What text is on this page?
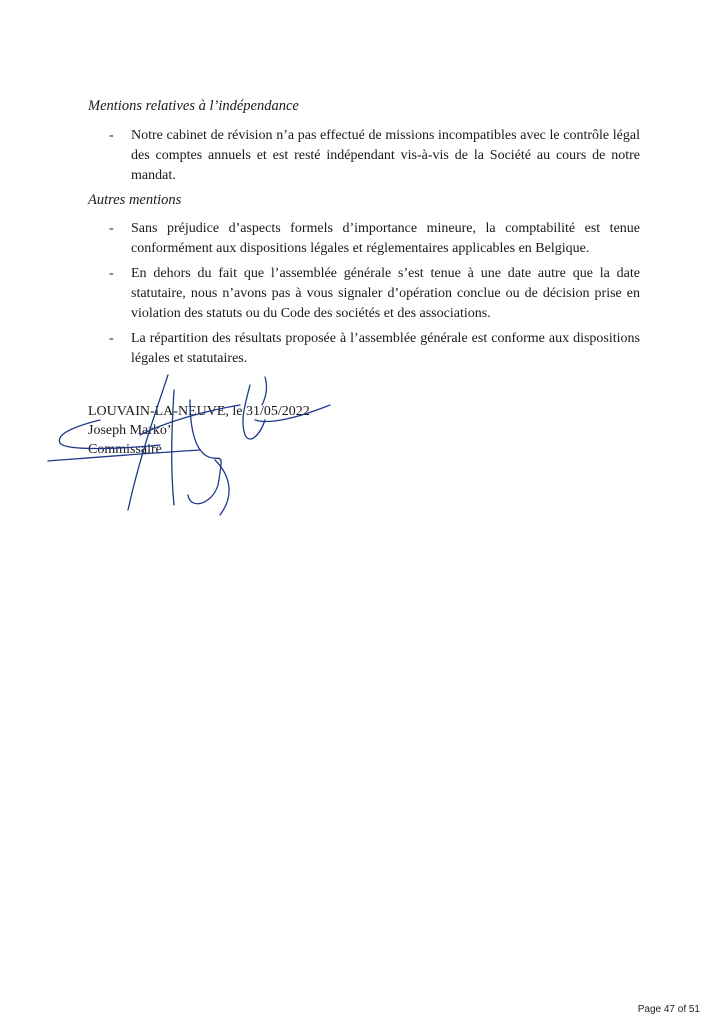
Mentions relatives à l’indépendance

-	Notre cabinet de révision n’a pas effectué de missions incompatibles avec le contrôle légal des comptes annuels et est resté indépendant vis-à-vis de la Société au cours de notre mandat.

Autres mentions

-	Sans préjudice d’aspects formels d’importance mineure, la comptabilité est tenue conformément aux dispositions légales et réglementaires applicables en Belgique.
-	En dehors du fait que l’assemblée générale s’est tenue à une date autre que la date statutaire, nous n’avons pas à vous signaler d’opération conclue ou de décision prise en violation des statuts ou du Code des sociétés et des associations.
-	La répartition des résultats proposée à l’assemblée générale est conforme aux dispositions légales et statutaires.
LOUVAIN-LA-NEUVE, le 31/05/2022
Joseph Marko’
Commissaire
Page 47 of 51
